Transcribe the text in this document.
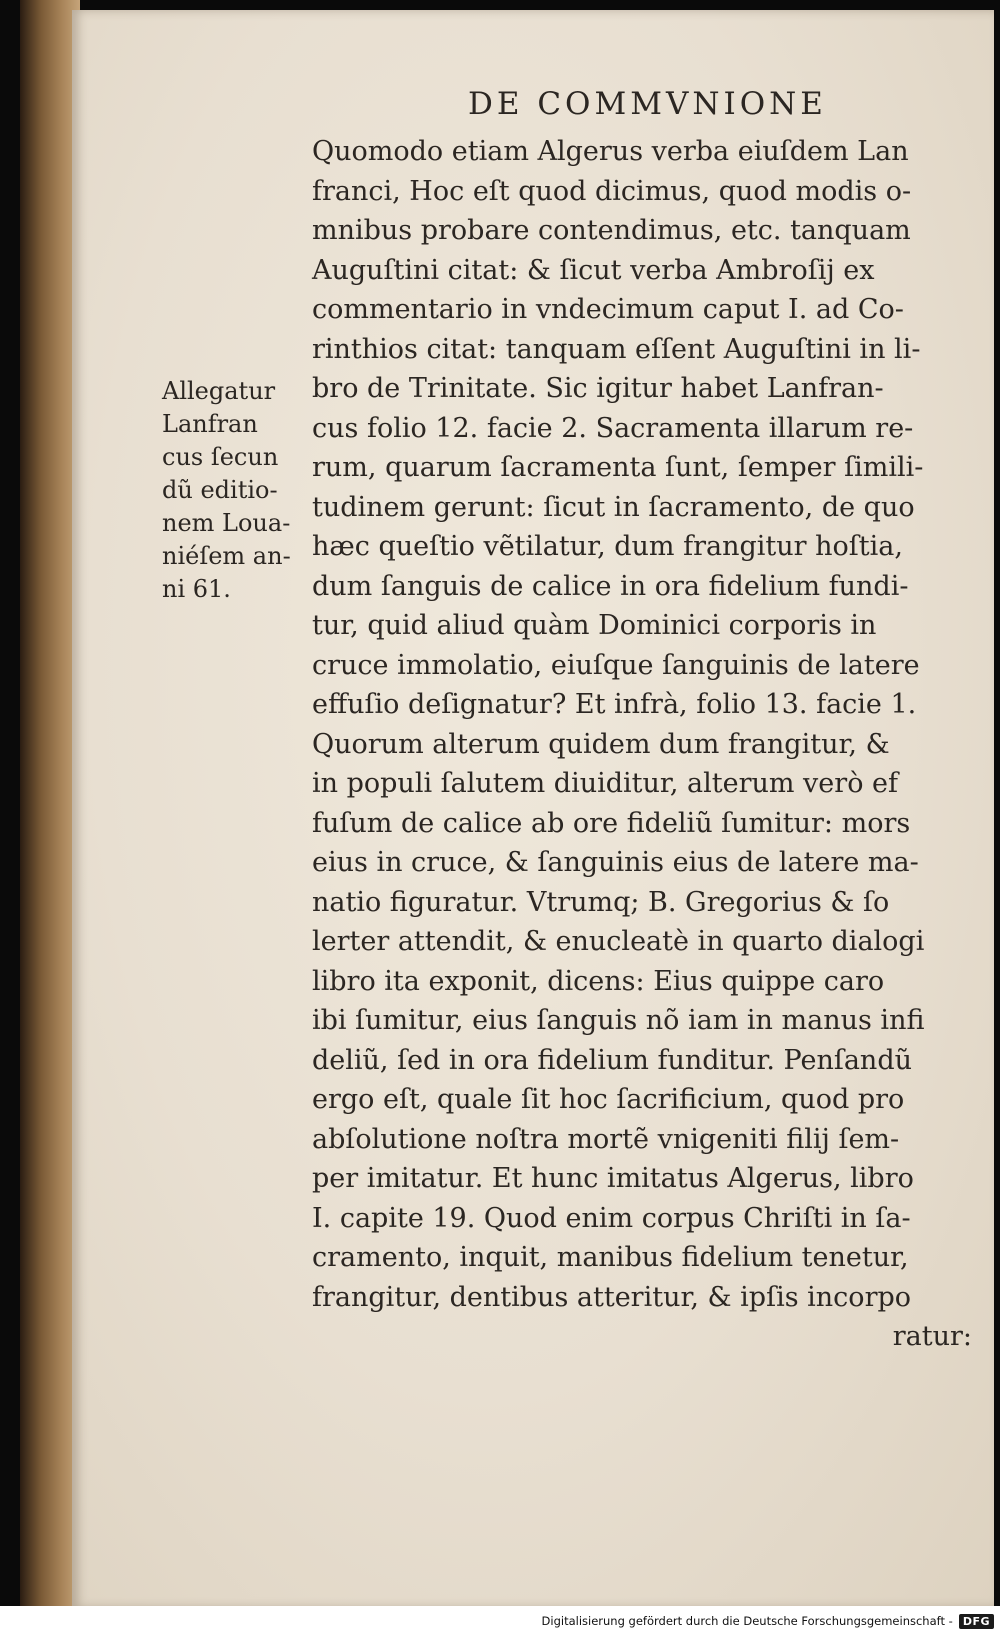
DE COMMVNIONE
Allegatur
Lanfran
cus ſecun
dũ editio-
nem Loua-
niéſem an-
ni 61.
Quomodo etiam Algerus verba eiuſdem Lan
franci, Hoc eſt quod dicimus, quod modis o-
mnibus probare contendimus, etc. tanquam
Auguſtini citat: & ſicut verba Ambroſij ex
commentario in vndecimum caput I. ad Co-
rinthios citat: tanquam eſſent Auguſtini in li-
bro de Trinitate. Sic igitur habet Lanfran-
cus folio 12. facie 2. Sacramenta illarum re-
rum, quarum ſacramenta ſunt, ſemper ſimili-
tudinem gerunt: ſicut in ſacramento, de quo
hæc queſtio vẽtilatur, dum frangitur hoſtia,
dum ſanguis de calice in ora fidelium fundi-
tur, quid aliud quàm Dominici corporis in
cruce immolatio, eiuſque ſanguinis de latere
effuſio deſignatur? Et infrà, folio 13. facie 1.
Quorum alterum quidem dum frangitur, &
in populi ſalutem diuiditur, alterum verò ef
fuſum de calice ab ore fideliũ ſumitur: mors
eius in cruce, & ſanguinis eius de latere ma-
natio figuratur. Vtrumq; B. Gregorius & ſo
lerter attendit, & enucleatè in quarto dialogi
libro ita exponit, dicens: Eius quippe caro
ibi ſumitur, eius ſanguis nõ iam in manus infi
deliũ, ſed in ora fidelium funditur. Penſandũ
ergo eſt, quale ſit hoc ſacrificium, quod pro
abſolutione noſtra mortẽ vnigeniti filij ſem-
per imitatur. Et hunc imitatus Algerus, libro
I. capite 19. Quod enim corpus Chriſti in ſa-
cramento, inquit, manibus fidelium tenetur,
frangitur, dentibus atteritur, & ipſis incorpo
ratur:
Digitalisierung gefördert durch die Deutsche Forschungsgemeinschaft - DFG
